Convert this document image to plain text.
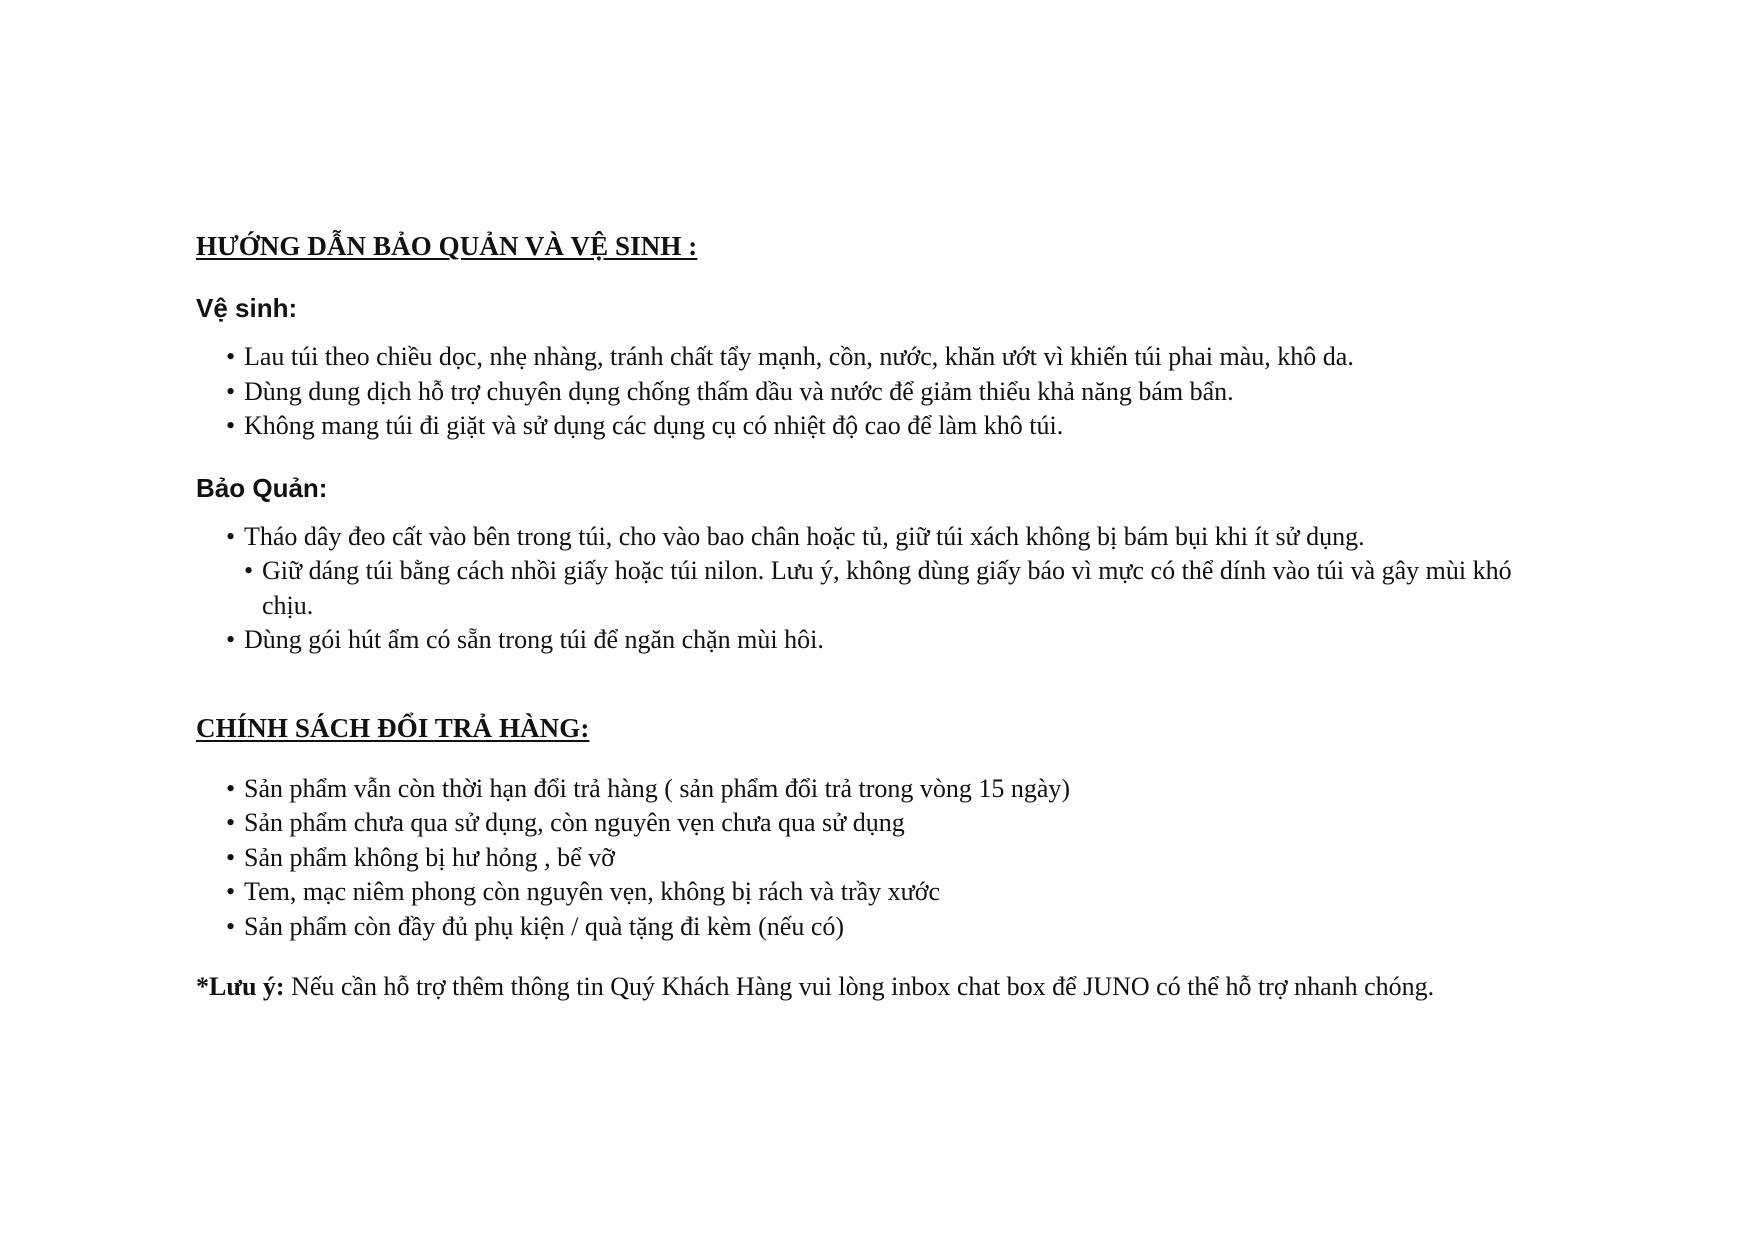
HƯỚNG DẪN BẢO QUẢN VÀ VỆ SINH :
Vệ sinh:
• Lau túi theo chiều dọc, nhẹ nhàng, tránh chất tẩy mạnh, cồn, nước, khăn ướt vì khiến túi phai màu, khô da.
• Dùng dung dịch hỗ trợ chuyên dụng chống thấm dầu và nước để giảm thiểu khả năng bám bẩn.
• Không mang túi đi giặt và sử dụng các dụng cụ có nhiệt độ cao để làm khô túi.
Bảo Quản:
• Tháo dây đeo cất vào bên trong túi, cho vào bao chân hoặc tủ, giữ túi xách không bị bám bụi khi ít sử dụng.
• Giữ dáng túi bằng cách nhồi giấy hoặc túi nilon. Lưu ý, không dùng giấy báo vì mực có thể dính vào túi và gây mùi khó chịu.
• Dùng gói hút ẩm có sẵn trong túi để ngăn chặn mùi hôi.
CHÍNH SÁCH ĐỔI TRẢ HÀNG:
• Sản phẩm vẫn còn thời hạn đổi trả hàng ( sản phẩm đổi trả trong vòng 15 ngày)
• Sản phẩm chưa qua sử dụng, còn nguyên vẹn chưa qua sử dụng
• Sản phẩm không bị hư hỏng , bể vỡ
• Tem, mạc niêm phong còn nguyên vẹn, không bị rách và trầy xước
• Sản phẩm còn đầy đủ phụ kiện / quà tặng đi kèm (nếu có)

*Lưu ý: Nếu cần hỗ trợ thêm thông tin Quý Khách Hàng vui lòng inbox chat box để JUNO có thể hỗ trợ nhanh chóng.
